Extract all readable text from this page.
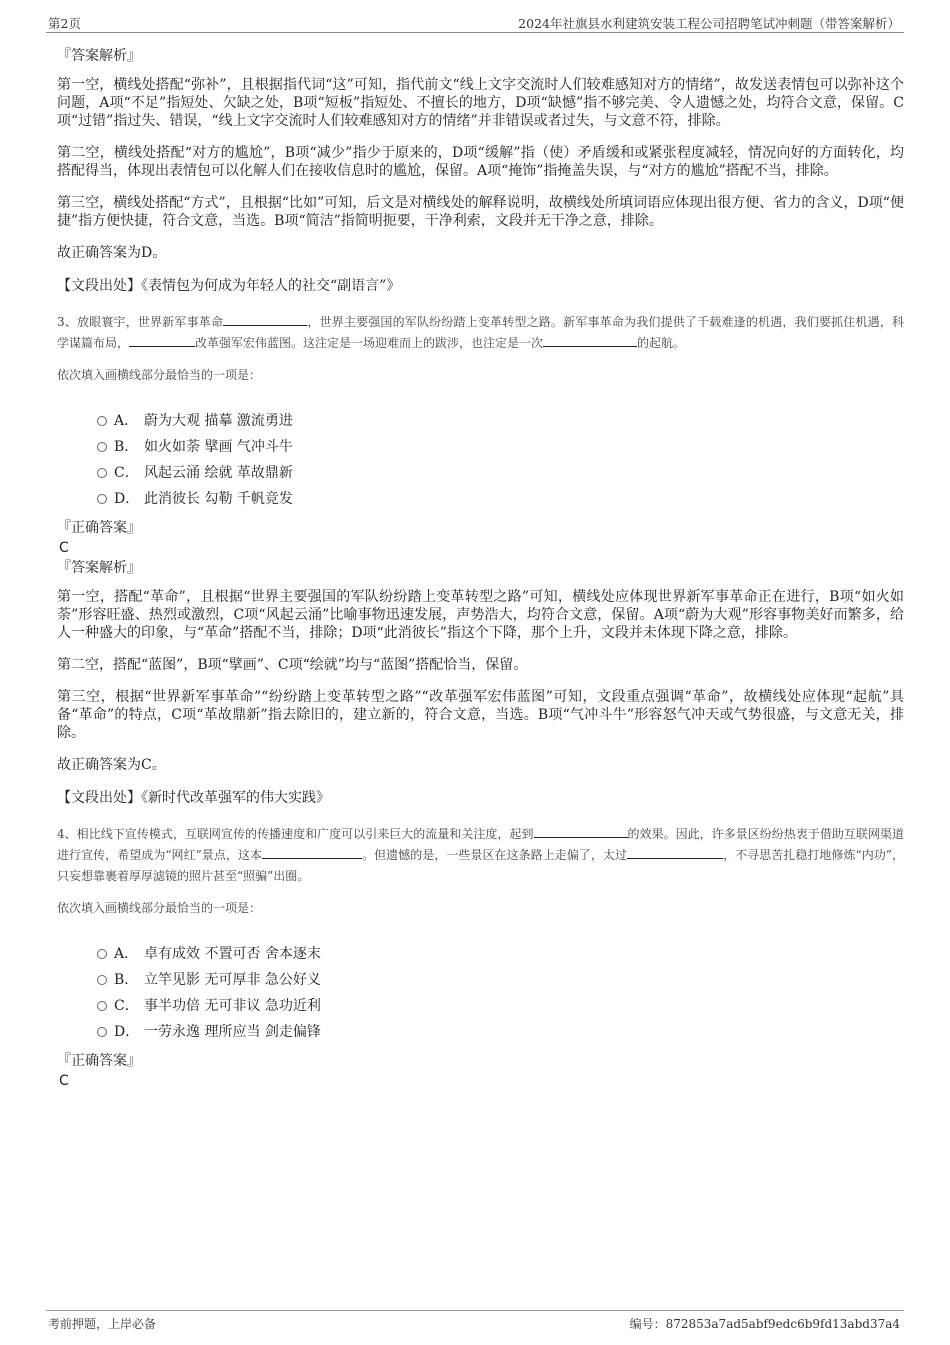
第2页	2024年社旗县水利建筑安装工程公司招聘笔试冲刺题（带答案解析）

『答案解析』

第一空，横线处搭配“弥补”，且根据指代词“这”可知，指代前文“线上文字交流时人们较难感知对方的情绪”，故发送表情包可以弥补这个问题，A项“不足”指短处、欠缺之处，B项“短板”指短处、不擅长的地方，D项“缺憾”指不够完美、令人遗憾之处，均符合文意，保留。C项“过错”指过失、错误，“线上文字交流时人们较难感知对方的情绪”并非错误或者过失，与文意不符，排除。

第二空，横线处搭配“对方的尴尬”，B项“减少”指少于原来的，D项“缓解”指（使）矛盾缓和或紧张程度减轻，情况向好的方面转化，均搭配得当，体现出表情包可以化解人们在接收信息时的尴尬，保留。A项“掩饰”指掩盖失误，与“对方的尴尬”搭配不当，排除。

第三空，横线处搭配“方式”，且根据“比如”可知，后文是对横线处的解释说明，故横线处所填词语应体现出很方便、省力的含义，D项“便捷”指方便快捷，符合文意，当选。B项“简洁”指简明扼要，干净利索，文段并无干净之意，排除。

故正确答案为D。

【文段出处】《表情包为何成为年轻人的社交“副语言”》

3、放眼寰宇，世界新军事革命	，世界主要强国的军队纷纷踏上变革转型之路。新军事革命为我们提供了千载难逢的机遇，我们要抓住机遇，科学谋篇布局，	改革强军宏伟蓝图。这注定是一场迎难而上的跋涉，也注定是一次	的起航。

依次填入画横线部分最恰当的一项是：

A． 蔚为大观 描摹 激流勇进
B． 如火如荼 擘画 气冲斗牛
C． 风起云涌 绘就 革故鼎新
D． 此消彼长 勾勒 千帆竞发

『正确答案』

C

『答案解析』

第一空，搭配“革命”，且根据“世界主要强国的军队纷纷踏上变革转型之路”可知，横线处应体现世界新军事革命正在进行，B项“如火如荼”形容旺盛、热烈或激烈，C项“风起云涌”比喻事物迅速发展，声势浩大，均符合文意，保留。A项“蔚为大观”形容事物美好而繁多，给人一种盛大的印象，与“革命”搭配不当，排除；D项“此消彼长”指这个下降，那个上升，文段并未体现下降之意，排除。

第二空，搭配“蓝图”，B项“擘画”、C项“绘就”均与“蓝图”搭配恰当，保留。

第三空，根据“世界新军事革命”“纷纷踏上变革转型之路”“改革强军宏伟蓝图”可知，文段重点强调“革命”，故横线处应体现“起航”具备“革命”的特点，C项“革故鼎新”指去除旧的，建立新的，符合文意，当选。B项“气冲斗牛”形容怒气冲天或气势很盛，与文意无关，排除。

故正确答案为C。

【文段出处】《新时代改革强军的伟大实践》

4、相比线下宣传模式，互联网宣传的传播速度和广度可以引来巨大的流量和关注度，起到	的效果。因此，许多景区纷纷热衷于借助互联网渠道进行宣传，希望成为“网红”景点，这本	。但遗憾的是，一些景区在这条路上走偏了，太过	，不寻思苦扎稳打地修炼“内功”，只妄想靠裹着厚厚滤镜的照片甚至“照骗”出圈。

依次填入画横线部分最恰当的一项是：

A． 卓有成效 不置可否 舍本逐末
B． 立竿见影 无可厚非 急公好义
C． 事半功倍 无可非议 急功近利
D． 一劳永逸 理所应当 剑走偏锋

『正确答案』

C

考前押题，上岸必备	编号：872853a7ad5abf9edc6b9fd13abd37a4
